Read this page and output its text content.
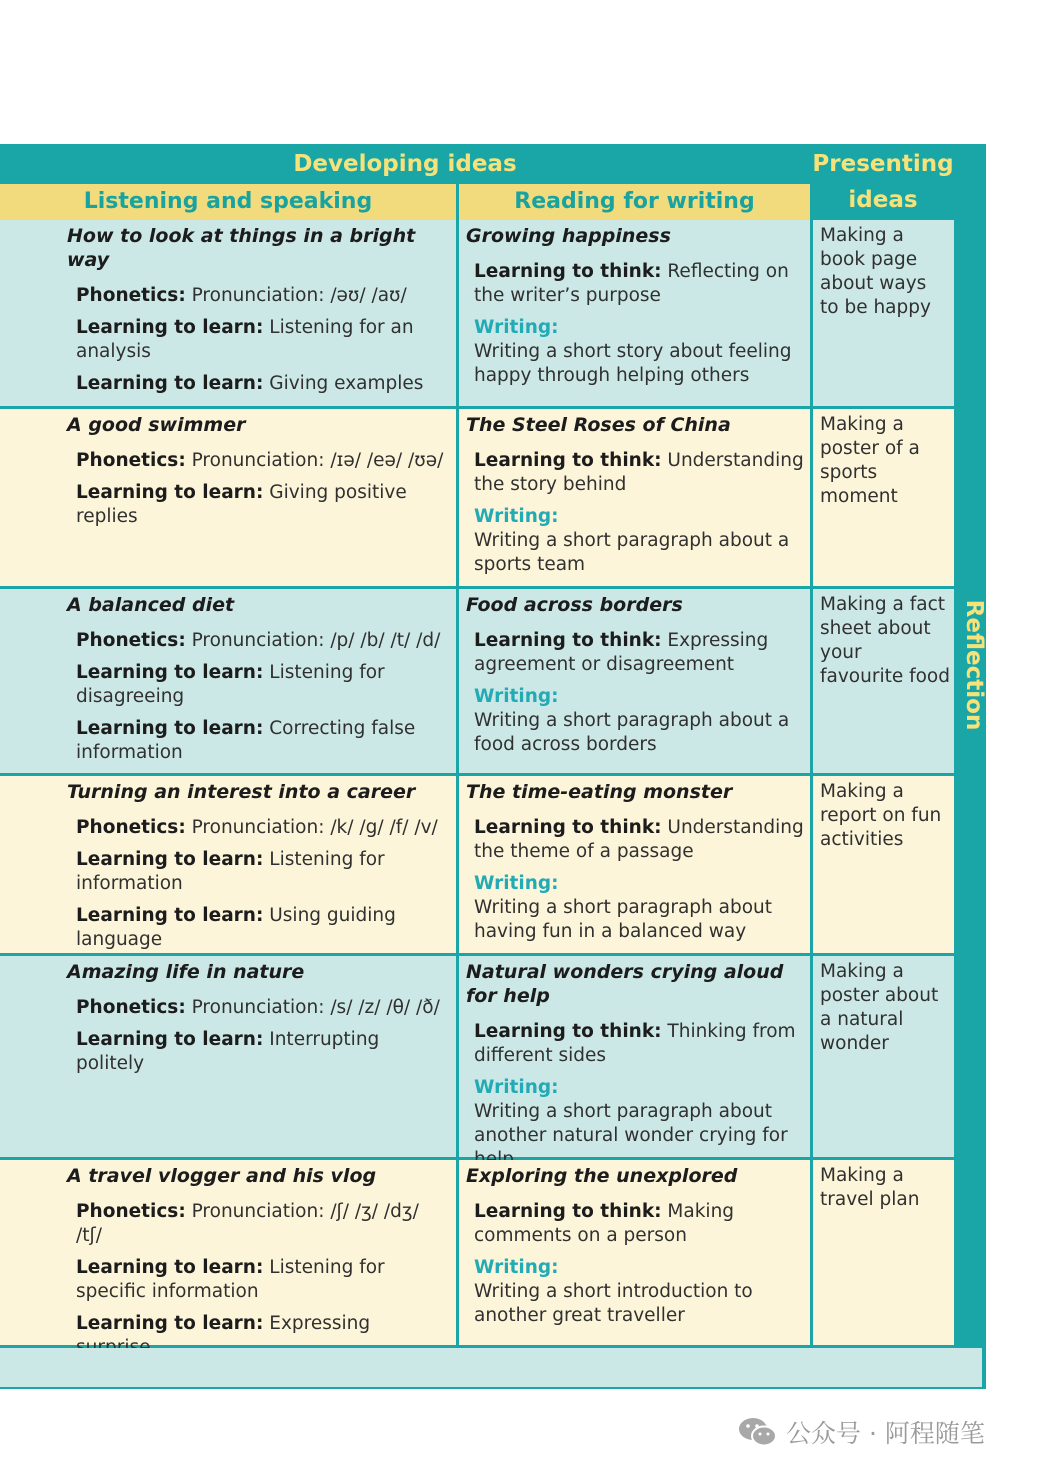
Developing ideas	Presenting ideas
Listening and speaking	Reading for writing
How to look at things in a bright way
Phonetics: Pronunciation: /əʊ/ /aʊ/
Learning to learn: Listening for an analysis
Learning to learn: Giving examples
Growing happiness
Learning to think: Reflecting on the writer’s purpose
Writing:
Writing a short story about feeling happy through helping others
Making a book page about ways to be happy
A good swimmer
Phonetics: Pronunciation: /ɪə/ /eə/ /ʊə/
Learning to learn: Giving positive replies
The Steel Roses of China
Learning to think: Understanding the story behind
Writing:
Writing a short paragraph about a sports team
Making a poster of a sports moment
A balanced diet
Phonetics: Pronunciation: /p/ /b/ /t/ /d/
Learning to learn: Listening for disagreeing
Learning to learn: Correcting false information
Food across borders
Learning to think: Expressing agreement or disagreement
Writing:
Writing a short paragraph about a food across borders
Making a fact sheet about your favourite food
Turning an interest into a career
Phonetics: Pronunciation: /k/ /g/ /f/ /v/
Learning to learn: Listening for information
Learning to learn: Using guiding language
The time-eating monster
Learning to think: Understanding the theme of a passage
Writing:
Writing a short paragraph about having fun in a balanced way
Making a report on fun activities
Amazing life in nature
Phonetics: Pronunciation: /s/ /z/ /θ/ /ð/
Learning to learn: Interrupting politely
Natural wonders crying aloud for help
Learning to think: Thinking from different sides
Writing:
Writing a short paragraph about another natural wonder crying for
Making a poster about a natural wonder
A travel vlogger and his vlog
Phonetics: Pronunciation: /ʃ/ /ʒ/ /dʒ/ /tʃ/
Learning to learn: Listening for specific information
Learning to learn: Expressing
Exploring the unexplored
Learning to think: Making comments on a person
Writing:
Writing a short introduction to another great traveller
Making a travel plan
Reflection
公众号 · 阿程随笔
